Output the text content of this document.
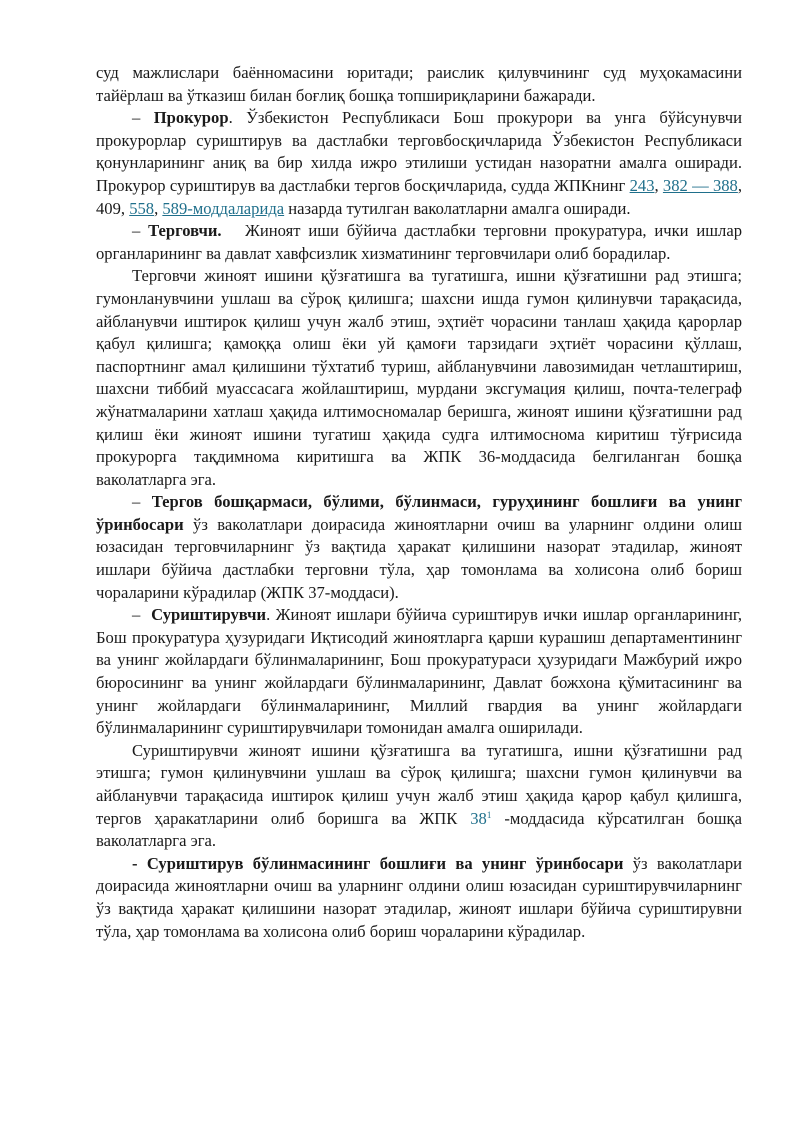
суд мажлислари баённомасини юритади; раислик қилувчининг суд муҳокамасини тайёрлаш ва ўтказиш билан боғлиқ бошқа топшириқларини бажаради.

– Прокурор. Ўзбекистон Республикаси Бош прокурори ва унга бўйсунувчи прокурорлар суриштирув ва дастлабки терговбосқичларида Ўзбекистон Республикаси қонунларининг аниқ ва бир хилда ижро этилиши устидан назоратни амалга оширади. Прокурор суриштирув ва дастлабки тергов босқичларида, судда ЖПКнинг 243, 382 — 388, 409, 558, 589-моддаларида назарда тутилган ваколатларни амалга оширади.

– Терговчи.   Жиноят иши бўйича дастлабки терговни прокуратура, ички ишлар органларининг ва давлат хавфсизлик хизматининг терговчилари олиб борадилар.

Терговчи жиноят ишини қўзғатишга ва тугатишга, ишни қўзғатишни рад этишга; гумонланувчини ушлаш ва сўроқ қилишга; шахсни ишда гумон қилинувчи тарақасида, айбланувчи иштирок қилиш учун жалб этиш, эҳтиёт чорасини танлаш ҳақида қарорлар қабул қилишга; қамоққа олиш ёки уй қамоғи тарзидаги эҳтиёт чорасини қўллаш, паспортнинг амал қилишини тўхтатиб туриш, айбланувчини лавозимидан четлаштириш, шахсни тиббий муассасага жойлаштириш, мурдани эксгумация қилиш, почта-телеграф жўнатмаларини хатлаш ҳақида илтимосномалар беришга, жиноят ишини қўзғатишни рад қилиш ёки жиноят ишини тугатиш ҳақида судга илтимосномa киритиш тўғрисида прокурорга тақдимнома киритишга ва ЖПК 36-моддасида белгиланган бошқа ваколатларга эга.

– Тергов бошқармаси, бўлими, бўлинмаси, гуруҳининг бошлиғи ва унинг ўринбосари ўз ваколатлари доирасида жиноятларни очиш ва уларнинг олдини олиш юзасидан терговчиларнинг ўз вақтида ҳаракат қилишини назорат этадилар, жиноят ишлари бўйича дастлабки терговни тўла, ҳар томонлама ва холисона олиб бориш чораларини кўрадилар (ЖПК 37-моддаси).

–  Суриштирувчи. Жиноят ишлари бўйича суриштирув ички ишлар органларининг, Бош прокуратура ҳузуридаги Иқтисодий жиноятларга қарши курашиш департаментининг ва унинг жойлардаги бўлинмаларининг, Бош прокуратураси ҳузуридаги Мажбурий ижро бюросининг ва унинг жойлардаги бўлинмаларининг, Давлат божхона қўмитасининг ва унинг жойлардаги бўлинмаларининг, Миллий гвардия ва унинг жойлардаги бўлинмаларининг суриштирувчилари томонидан амалга оширилади.

Суриштирувчи жиноят ишини қўзғатишга ва тугатишга, ишни қўзғатишни рад этишга; гумон қилинувчини ушлаш ва сўроқ қилишга; шахсни гумон қилинувчи ва айбланувчи тарақасида иштирок қилиш учун жалб этиш ҳақида қарор қабул қилишга, тергов ҳаракатларини олиб боришга ва ЖПК $38^1$ -моддасида кўрсатилган бошқа ваколатларга эга.

- Суриштирув бўлинмасининг бошлиғи ва унинг ўринбосари ўз ваколатлари доирасида жиноятларни очиш ва уларнинг олдини олиш юзасидан суриштирувчиларнинг ўз вақтида ҳаракат қилишини назорат этадилар, жиноят ишлари бўйича суриштирувни тўла, ҳар томонлама ва холисона олиб бориш чораларини кўрадилар.
